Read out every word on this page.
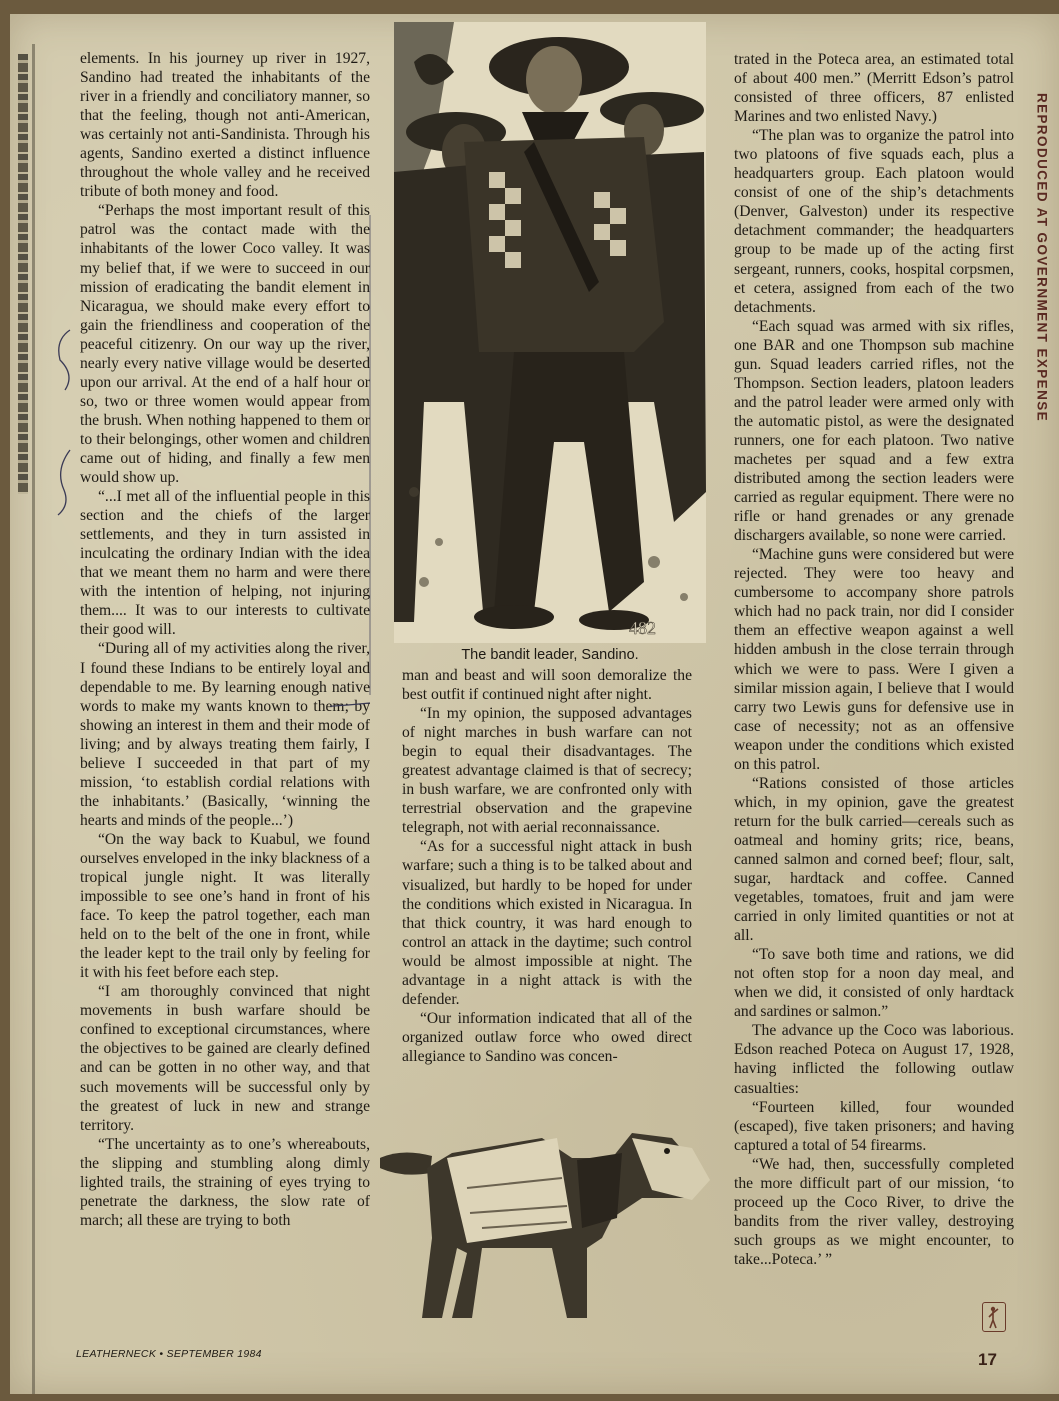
elements. In his journey up river in 1927, Sandino had treated the inhabitants of the river in a friendly and conciliatory manner, so that the feeling, though not anti-American, was certainly not anti-Sandinista. Through his agents, Sandino exerted a distinct influence throughout the whole valley and he received tribute of both money and food.

“Perhaps the most important result of this patrol was the contact made with the inhabitants of the lower Coco valley. It was my belief that, if we were to succeed in our mission of eradicating the bandit element in Nicaragua, we should make every effort to gain the friendliness and cooperation of the peaceful citizenry. On our way up the river, nearly every native village would be deserted upon our arrival. At the end of a half hour or so, two or three women would appear from the brush. When nothing happened to them or to their belongings, other women and children came out of hiding, and finally a few men would show up.

“...I met all of the influential people in this section and the chiefs of the larger settlements, and they in turn assisted in inculcating the ordinary Indian with the idea that we meant them no harm and were there with the intention of helping, not injuring them.... It was to our interests to cultivate their good will.

“During all of my activities along the river, I found these Indians to be entirely loyal and dependable to me. By learning enough native words to make my wants known to them; by showing an interest in them and their mode of living; and by always treating them fairly, I believe I succeeded in that part of my mission, ‘to establish cordial relations with the inhabitants.’ (Basically, ‘winning the hearts and minds of the people...’)

“On the way back to Kuabul, we found ourselves enveloped in the inky blackness of a tropical jungle night. It was literally impossible to see one’s hand in front of his face. To keep the patrol together, each man held on to the belt of the one in front, while the leader kept to the trail only by feeling for it with his feet before each step.

“I am thoroughly convinced that night movements in bush warfare should be confined to exceptional circumstances, where the objectives to be gained are clearly defined and can be gotten in no other way, and that such movements will be successful only by the greatest of luck in new and strange territory.

“The uncertainty as to one’s whereabouts, the slipping and stumbling along dimly lighted trails, the straining of eyes trying to penetrate the darkness, the slow rate of march; all these are trying to both

482
The bandit leader, Sandino.

man and beast and will soon demoralize the best outfit if continued night after night.

“In my opinion, the supposed advantages of night marches in bush warfare can not begin to equal their disadvantages. The greatest advantage claimed is that of secrecy; in bush warfare, we are confronted only with terrestrial observation and the grapevine telegraph, not with aerial reconnaissance.

“As for a successful night attack in bush warfare; such a thing is to be talked about and visualized, but hardly to be hoped for under the conditions which existed in Nicaragua. In that thick country, it was hard enough to control an attack in the daytime; such control would be almost impossible at night. The advantage in a night attack is with the defender.

“Our information indicated that all of the organized outlaw force who owed direct allegiance to Sandino was concen-

trated in the Poteca area, an estimated total of about 400 men.” (Merritt Edson’s patrol consisted of three officers, 87 enlisted Marines and two enlisted Navy.)

“The plan was to organize the patrol into two platoons of five squads each, plus a headquarters group. Each platoon would consist of one of the ship’s detachments (Denver, Galveston) under its respective detachment commander; the headquarters group to be made up of the acting first sergeant, runners, cooks, hospital corpsmen, et cetera, assigned from each of the two detachments.

“Each squad was armed with six rifles, one BAR and one Thompson sub machine gun. Squad leaders carried rifles, not the Thompson. Section leaders, platoon leaders and the patrol leader were armed only with the automatic pistol, as were the designated runners, one for each platoon. Two native machetes per squad and a few extra distributed among the section leaders were carried as regular equipment. There were no rifle or hand grenades or any grenade dischargers available, so none were carried.

“Machine guns were considered but were rejected. They were too heavy and cumbersome to accompany shore patrols which had no pack train, nor did I consider them an effective weapon against a well hidden ambush in the close terrain through which we were to pass. Were I given a similar mission again, I believe that I would carry two Lewis guns for defensive use in case of necessity; not as an offensive weapon under the conditions which existed on this patrol.

“Rations consisted of those articles which, in my opinion, gave the greatest return for the bulk carried—cereals such as oatmeal and hominy grits; rice, beans, canned salmon and corned beef; flour, salt, sugar, hardtack and coffee. Canned vegetables, tomatoes, fruit and jam were carried in only limited quantities or not at all.

“To save both time and rations, we did not often stop for a noon day meal, and when we did, it consisted of only hardtack and sardines or salmon.”

The advance up the Coco was laborious. Edson reached Poteca on August 17, 1928, having inflicted the following outlaw casualties:

“Fourteen killed, four wounded (escaped), five taken prisoners; and having captured a total of 54 firearms.

“We had, then, successfully completed the more difficult part of our mission, ‘to proceed up the Coco River, to drive the bandits from the river valley, destroying such groups as we might encounter, to take...Poteca.’ ”

REPRODUCED AT GOVERNMENT EXPENSE
LEATHERNECK • SEPTEMBER 1984	17
